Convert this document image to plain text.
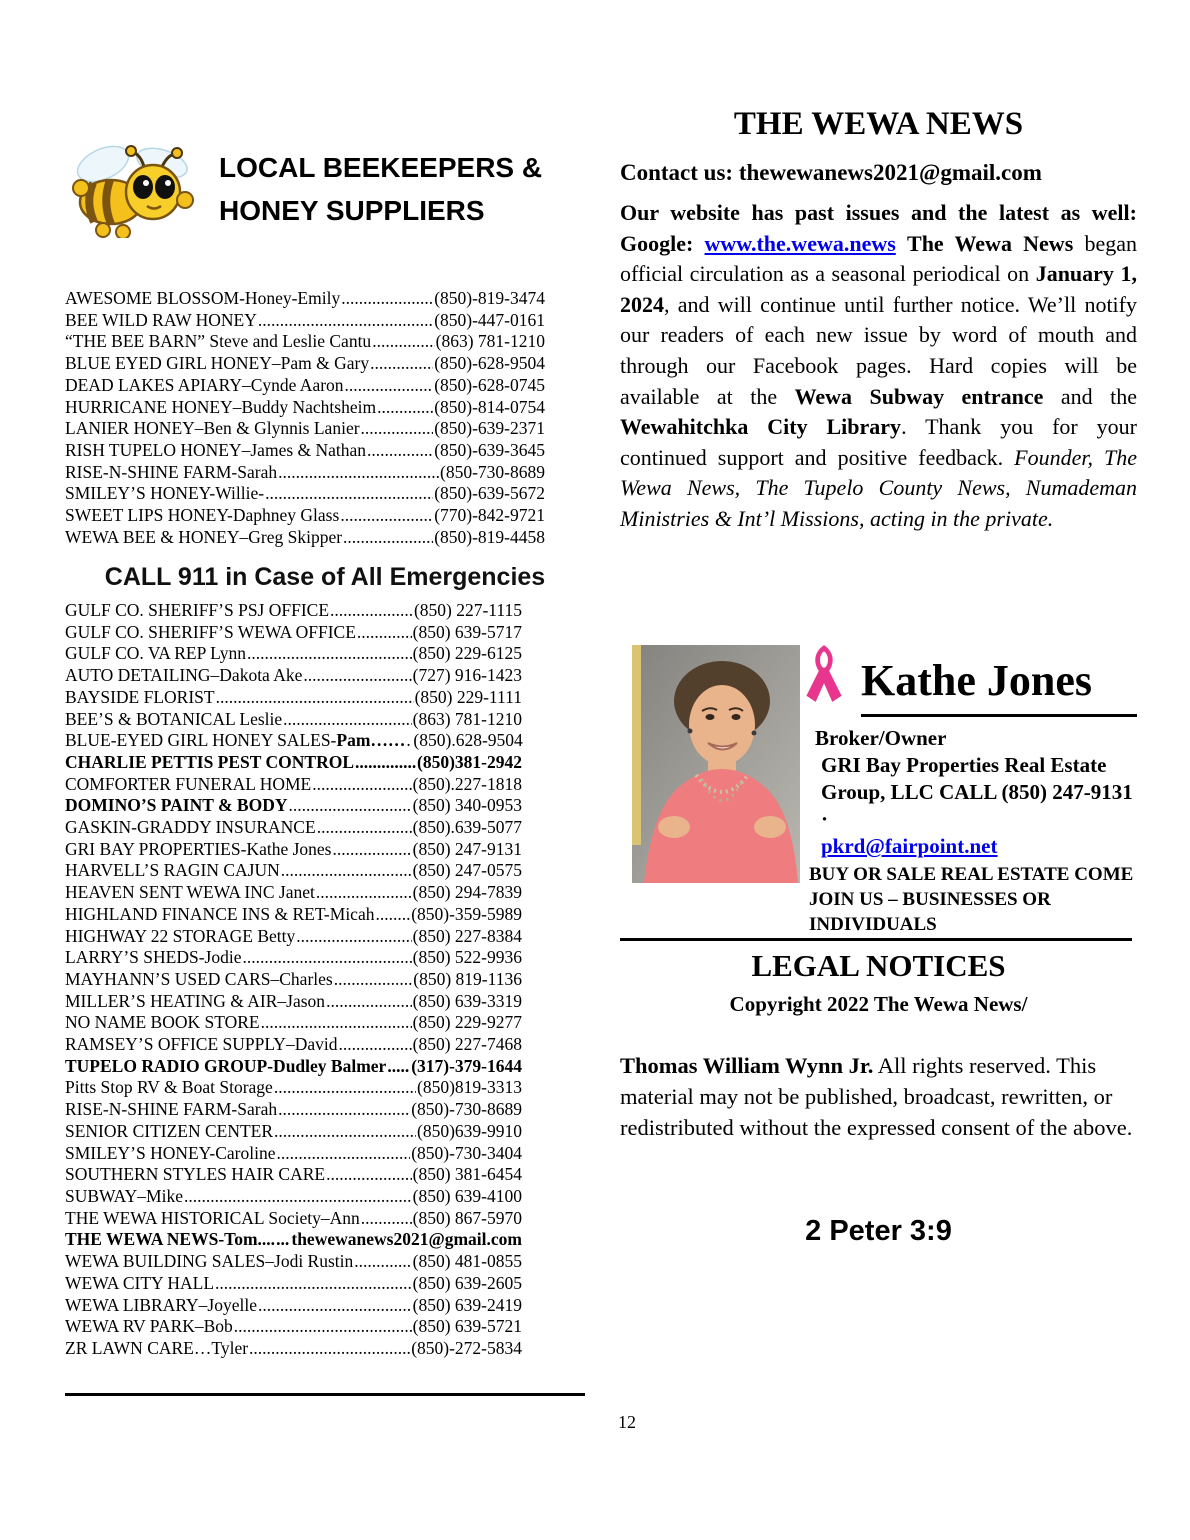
LOCAL BEEKEEPERS &
HONEY SUPPLIERS
AWESOME BLOSSOM-Honey-Emily .....	(850)-819-3474
BEE WILD RAW HONEY .....	(850)-447-0161
“THE BEE BARN” Steve and Leslie Cantu .....	(863) 781-1210
BLUE EYED GIRL HONEY–Pam & Gary .....	(850)-628-9504
DEAD LAKES APIARY–Cynde Aaron .....	(850)-628-0745
HURRICANE HONEY–Buddy Nachtsheim .....	(850)-814-0754
LANIER HONEY–Ben & Glynnis Lanier .....	(850)-639-2371
RISH TUPELO HONEY–James & Nathan .....	(850)-639-3645
RISE-N-SHINE FARM-Sarah .....	(850-730-8689
SMILEY’S HONEY-Willie- .....	(850)-639-5672
SWEET LIPS HONEY-Daphney Glass .....	(770)-842-9721
WEWA BEE & HONEY–Greg Skipper .....	(850)-819-4458
CALL 911 in Case of All Emergencies
GULF CO. SHERIFF’S PSJ OFFICE .....	(850) 227-1115
GULF CO. SHERIFF’S WEWA OFFICE .....	(850) 639-5717
GULF CO. VA REP Lynn .....	(850) 229-6125
AUTO DETAILING–Dakota Ake .....	(727) 916-1423
BAYSIDE FLORIST .....	(850) 229-1111
BEE’S & BOTANICAL Leslie .....	(863) 781-1210
BLUE-EYED GIRL HONEY SALES- Pam…… ..... (850).628-9504
CHARLIE PETTIS PEST CONTROL .....	(850)381-2942
COMFORTER FUNERAL HOME .....	(850).227-1818
DOMINO’S PAINT & BODY .....	(850) 340-0953
GASKIN-GRADDY INSURANCE .....	(850).639-5077
GRI BAY PROPERTIES-Kathe Jones .....	(850) 247-9131
HARVELL’S RAGIN CAJUN .....	(850) 247-0575
HEAVEN SENT WEWA INC Janet .....	(850) 294-7839
HIGHLAND FINANCE INS & RET-Micah ..... (850)-359-5989
HIGHWAY 22 STORAGE Betty .....	(850) 227-8384
LARRY’S SHEDS-Jodie .....	(850) 522-9936
MAYHANN’S USED CARS–Charles .....	(850) 819-1136
MILLER’S HEATING & AIR–Jason .....	(850) 639-3319
NO NAME BOOK STORE .....	(850) 229-9277
RAMSEY’S OFFICE SUPPLY–David .....	(850) 227-7468
TUPELO RADIO GROUP-Dudley Balmer ..... (317)-379-1644
Pitts Stop RV & Boat Storage .....	(850)819-3313
RISE-N-SHINE FARM-Sarah .....	(850)-730-8689
SENIOR CITIZEN CENTER .....	(850)639-9910
SMILEY’S HONEY-Caroline .....	(850)-730-3404
SOUTHERN STYLES HAIR CARE .....	(850) 381-6454
SUBWAY–Mike .....	(850) 639-4100
THE WEWA HISTORICAL Society–Ann .....	(850) 867-5970
THE WEWA NEWS-Tom.... ..... thewewanews2021@gmail.com
WEWA BUILDING SALES–Jodi Rustin .....	(850) 481-0855
WEWA CITY HALL .....	(850) 639-2605
WEWA LIBRARY–Joyelle .....	(850) 639-2419
WEWA RV PARK–Bob .....	(850) 639-5721
ZR LAWN CARE…Tyler .....	(850)-272-5834
THE WEWA NEWS
Contact us: thewewanews2021@gmail.com
Our website has past issues and the latest as well: Google: www.the.wewa.news The Wewa News began official circulation as a seasonal periodical on January 1, 2024, and will continue until further notice. We’ll notify our readers of each new issue by word of mouth and through our Facebook pages. Hard copies will be available at the Wewa Subway entrance and the Wewahitchka City Library. Thank you for your continued support and positive feedback. Founder, The Wewa News, The Tupelo County News, Numademan Ministries & Int’l Missions, acting in the private.
Kathe Jones
Broker/Owner
GRI Bay Properties Real Estate
Group, LLC CALL (850) 247-9131 ·
pkrd@fairpoint.net
BUY OR SALE REAL ESTATE COME
JOIN US – BUSINESSES OR
INDIVIDUALS
LEGAL NOTICES
Copyright 2022 The Wewa News/
Thomas William Wynn Jr. All rights reserved. This material may not be published, broadcast, rewritten, or redistributed without the expressed consent of the above.
2 Peter 3:9
12
